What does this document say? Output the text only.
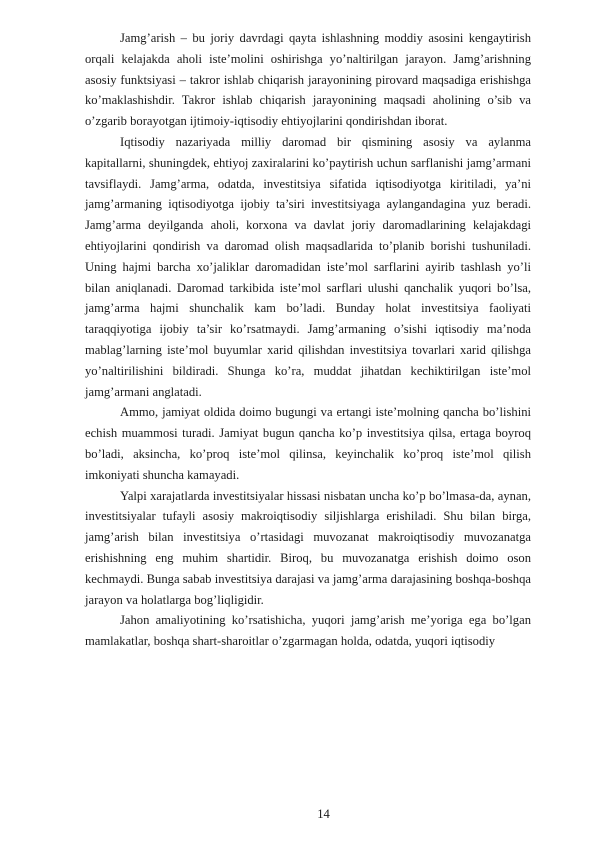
Jamg’arish – bu joriy davrdagi qayta ishlashning moddiy asosini kengaytirish orqali kelajakda aholi iste’molini oshirishga yo’naltirilgan jarayon. Jamg’arishning asosiy funktsiyasi – takror ishlab chiqarish jarayonining pirovard maqsadiga erishishga ko’maklashishdir. Takror ishlab chiqarish jarayonining maqsadi aholining o’sib va o’zgarib borayotgan ijtimoiy-iqtisodiy ehtiyojlarini qondirishdan iborat.

Iqtisodiy nazariyada milliy daromad bir qismining asosiy va aylanma kapitallarni, shuningdek, ehtiyoj zaxiralarini ko’paytirish uchun sarflanishi jamg’armani tavsiflaydi. Jamg’arma, odatda, investitsiya sifatida iqtisodiyotga kiritiladi, ya’ni jamg’armaning iqtisodiyotga ijobiy ta’siri investitsiyaga aylangandagina yuz beradi. Jamg’arma deyilganda aholi, korxona va davlat joriy daromadlarining kelajakdagi ehtiyojlarini qondirish va daromad olish maqsadlarida to’planib borishi tushuniladi. Uning hajmi barcha xo’jaliklar daromadidan iste’mol sarflarini ayirib tashlash yo’li bilan aniqlanadi. Daromad tarkibida iste’mol sarflari ulushi qanchalik yuqori bo’lsa, jamg’arma hajmi shunchalik kam bo’ladi. Bunday holat investitsiya faoliyati taraqqiyotiga ijobiy ta’sir ko’rsatmaydi. Jamg’armaning o’sishi iqtisodiy ma’noda mablag’larning iste’mol buyumlar xarid qilishdan investitsiya tovarlari xarid qilishga yo’naltirilishini bildiradi. Shunga ko’ra, muddat jihatdan kechiktirilgan iste’mol jamg’armani anglatadi.

Ammo, jamiyat oldida doimo bugungi va ertangi iste’molning qancha bo’lishini echish muammosi turadi. Jamiyat bugun qancha ko’p investitsiya qilsa, ertaga boyroq bo’ladi, aksincha, ko’proq iste’mol qilinsa, keyinchalik ko’proq iste’mol qilish imkoniyati shuncha kamayadi.

Yalpi xarajatlarda investitsiyalar hissasi nisbatan uncha ko’p bo’lmasa-da, aynan, investitsiyalar tufayli asosiy makroiqtisodiy siljishlarga erishiladi. Shu bilan birga, jamg’arish bilan investitsiya o’rtasidagi muvozanat makroiqtisodiy muvozanatga erishishning eng muhim shartidir. Biroq, bu muvozanatga erishish doimo oson kechmaydi. Bunga sabab investitsiya darajasi va jamg’arma darajasining boshqa-boshqa jarayon va holatlarga bog’liqligidir.

Jahon amaliyotining ko’rsatishicha, yuqori jamg’arish me’yoriga ega bo’lgan mamlakatlar, boshqa shart-sharoitlar o’zgarmagan holda, odatda, yuqori iqtisodiy

14
